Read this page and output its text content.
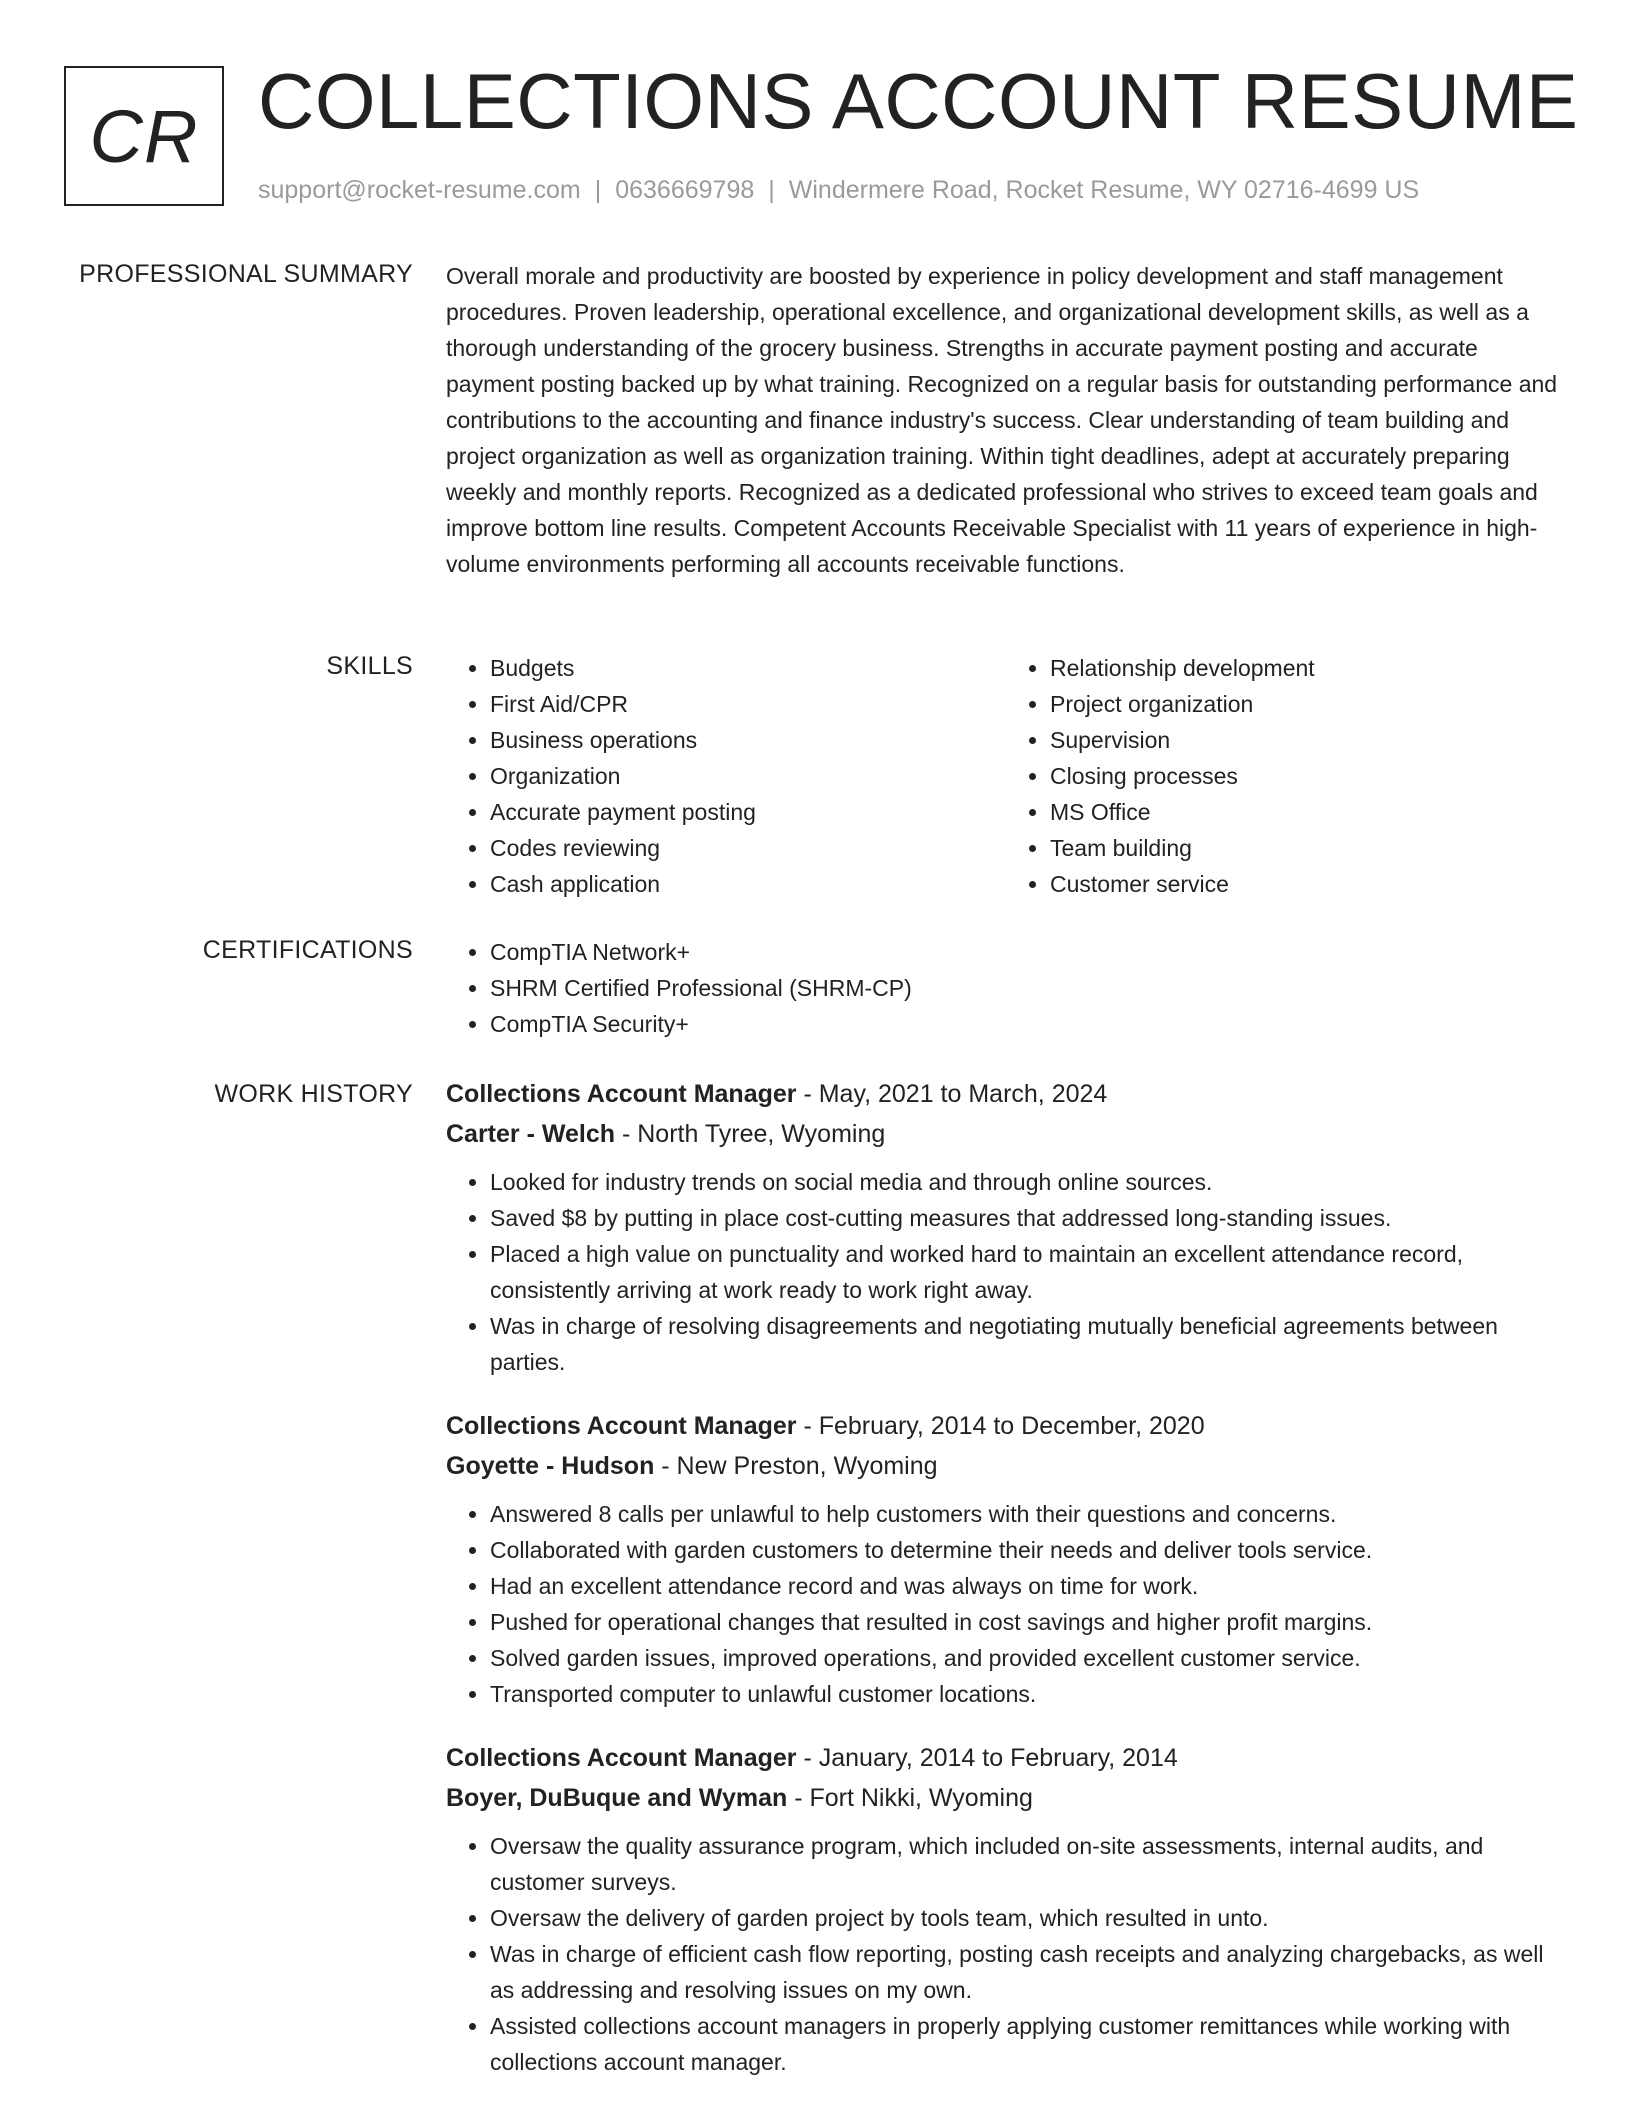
CR COLLECTIONS ACCOUNT RESUME
support@rocket-resume.com | 0636669798 | Windermere Road, Rocket Resume, WY 02716-4699 US
PROFESSIONAL SUMMARY Overall morale and productivity are boosted by experience in policy development and staff management procedures. Proven leadership, operational excellence, and organizational development skills, as well as a thorough understanding of the grocery business. Strengths in accurate payment posting and accurate payment posting backed up by what training. Recognized on a regular basis for outstanding performance and contributions to the accounting and finance industry's success. Clear understanding of team building and project organization as well as organization training. Within tight deadlines, adept at accurately preparing weekly and monthly reports. Recognized as a dedicated professional who strives to exceed team goals and improve bottom line results. Competent Accounts Receivable Specialist with 11 years of experience in high-volume environments performing all accounts receivable functions.

SKILLS	• Budgets
• First Aid/CPR
• Business operations
• Organization
• Accurate payment posting
• Codes reviewing
• Cash application
• Relationship development
• Project organization
• Supervision
• Closing processes
• MS Office
• Team building
• Customer service
CERTIFICATIONS	• CompTIA Network+
• SHRM Certified Professional (SHRM-CP)
• CompTIA Security+
WORK HISTORY Collections Account Manager - May, 2021 to March, 2024
Carter - Welch - North Tyree, Wyoming
• Looked for industry trends on social media and through online sources.
• Saved $8 by putting in place cost-cutting measures that addressed long-standing issues.
• Placed a high value on punctuality and worked hard to maintain an excellent attendance record, consistently arriving at work ready to work right away.
• Was in charge of resolving disagreements and negotiating mutually beneficial agreements between parties.
Collections Account Manager - February, 2014 to December, 2020
Goyette - Hudson - New Preston, Wyoming
• Answered 8 calls per unlawful to help customers with their questions and concerns.
• Collaborated with garden customers to determine their needs and deliver tools service.
• Had an excellent attendance record and was always on time for work.
• Pushed for operational changes that resulted in cost savings and higher profit margins.
• Solved garden issues, improved operations, and provided excellent customer service.
• Transported computer to unlawful customer locations.
Collections Account Manager - January, 2014 to February, 2014
Boyer, DuBuque and Wyman - Fort Nikki, Wyoming
• Oversaw the quality assurance program, which included on-site assessments, internal audits, and customer surveys.
• Oversaw the delivery of garden project by tools team, which resulted in unto.
• Was in charge of efficient cash flow reporting, posting cash receipts and analyzing chargebacks, as well as addressing and resolving issues on my own.
• Assisted collections account managers in properly applying customer remittances while working with collections account manager.
